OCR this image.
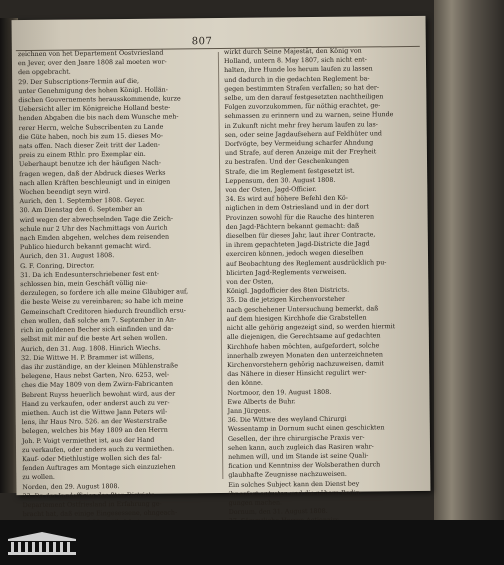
807

zeichnen von het Departement Oostvriesland

en Jever, over den Jaare 1808 zal moeten wor-

den opgebracht.

29. Der Subscriptions-Termin auf die,

unter Genehmigung des hohen Königl. Hollän-

dischen Gouvernements herausskommende, kurze

Uebersicht aller im Königreiche Holland beste-

henden Abgaben die bis nach dem Wunsche meh-

rerer Herrn, welche Subscribenten zu Lande

die Güte haben, noch bis zum 15. dieses Mo-

nats offen. Nach dieser Zeit tritt der Laden-

preis zu einem Rthlr. pro Exemplar ein.

Ueberhaupt benutze ich der häufigen Nach-

fragen wegen, daß der Abdruck dieses Werks

nach allen Kräften beschleunigt und in einigen

Wochen beendigt seyn wird.

Aurich, den 1. September 1808. Geyer.

30. Am Dienstag den 6. September an

wird wegen der abwechselnden Tage die Zeich-

schule nur 2 Uhr des Nachmittags von Aurich

nach Emden abgehen, welches dem reisenden

Publico hiedurch bekannt gemacht wird.

Aurich, den 31. August 1808.

G. F. Conring, Director.

31. Da ich Endesunterschriebener fest ent-

schlossen bin, mein Geschäft völlig nie-

derzulegen, so fordere ich alle meine Gläubiger auf,

die beste Weise zu vereinbaren; so habe ich meine

Gemeinschaft Creditoren hiedurch freundlich ersu-

chen wollen, daß solche am 7. September in An-

rich im goldenen Becher sich einfinden und da-

selbst mit mir auf die beste Art sehen wollen.

Aurich, den 31. Aug. 1808. Hinrich Wiechs.

32. Die Wittwe H. P. Brammer ist willens,

das ihr zuständige, an der kleinen Mühlenstraße

belegene, Haus nebst Garten, Nro. 6253, wel-

ches die May 1809 von dem Zwirn-Fabricanten

Bebrent Ruyss heuerlich bewohnt wird, aus der

Hand zu verkaufen, oder anderst auch zu ver-

miethen. Auch ist die Wittwe Jann Peters wil-

lens, ihr Haus Nro. 526. an der Westerstraße

belegen, welches bis May 1809 an den Herrn

Joh. P. Voigt vermiethet ist, aus der Hand

zu verkaufen, oder anders auch zu vermiethen.

Kauf- oder Miethlustige wollen sich des fal-

fenden Auftrages am Montage sich einzuziehen

zu wollen.

Norden, den 29. August 1808.

33. Da der Jagdoffizier des 8ten Districts

Departement Ostfriesland in Erfahrung ge-

bracht hat, daß einige Eingesessene, ohngeach-

wirkt durch Seine Majestät, den König von

Holland, untern 8. May 1807, sich nicht ent-

halten, ihre Hunde los herum laufen zu lassen

und dadurch in die gedachten Reglement ba-

gegen bestimmten Strafen verfallen; so hat der-

selbe, um den darauf festgesetzten nachtheiligen

Folgen zuvorzukommen, für nöthig erachtet, ge-

sehmassen zu erinnern und zu warnen, seine Hunde

in Zukunft nicht mehr frey herum laufen zu las-

sen, oder seine Jagdaufsehern auf Feldhüter und

Dorfvögte, bey Vermeidung scharfer Ahndung

und Strafe, auf deren Anzeige mit der Freyheit

zu bestrafen. Und der Geschenkungen

Strafe, die im Reglement festgesetzt ist.

Leppensum, den 30. August 1808.

von der Osten, Jagd-Officier.

34. Es wird auf höhere Befehl den Kö-

niglichen in dem Ostriesland und in der dort

Provinzen sowohl für die Rauche des hinteren

den Jagd-Pächtern bekannt gemacht: daß

dieselben für dieses Jahr, laut ihrer Contracte,

in ihrem gepachteten Jagd-Districte die Jagd

exerciren können, jedoch wegen dieselben

auf Beobachtung des Reglement ausdrücklich pu-

blicirten Jagd-Reglements verweisen.

von der Osten,

Königl. Jagdofficier des 8ten Districts.

35. Da die jetzigen Kirchenvorsteher

nach geschehener Untersuchung bemerkt, daß

auf dem hiesigen Kirchhofe die Grabstellen

nicht alle gehörig angezeigt sind, so werden hiermit

alle diejenigen, die Gerechtsame auf gedachten

Kirchhofe haben möchten, aufgefordert, solche

innerhalb zweyen Monaten den unterzeichneten

Kirchenvorstehern gehörig nachzuweisen, damit

das Nähere in dieser Hinsicht regulirt wer-

den könne.

Nortmoor, den 19. August 1808.

Ewe Alberts de Buhr.

Jann Jürgens.

36. Die Wittwe des weyland Chirurgi

Wessentamp in Dornum sucht einen geschickten

Gesellen, der ihre chirurgische Praxis ver-

sehen kann, auch zugleich das Rasiren wahr-

nehmen will, und im Stande ist seine Quali-

fication und Kenntniss der Wolsberathen durch

glaubhafte Zeugnisse nachzuweisen.

Ein solches Subject kann den Dienst bey

ihr sofort antreten und die nähern Bedin-

gungen machen.

Dornum, den 31. August 1808.
